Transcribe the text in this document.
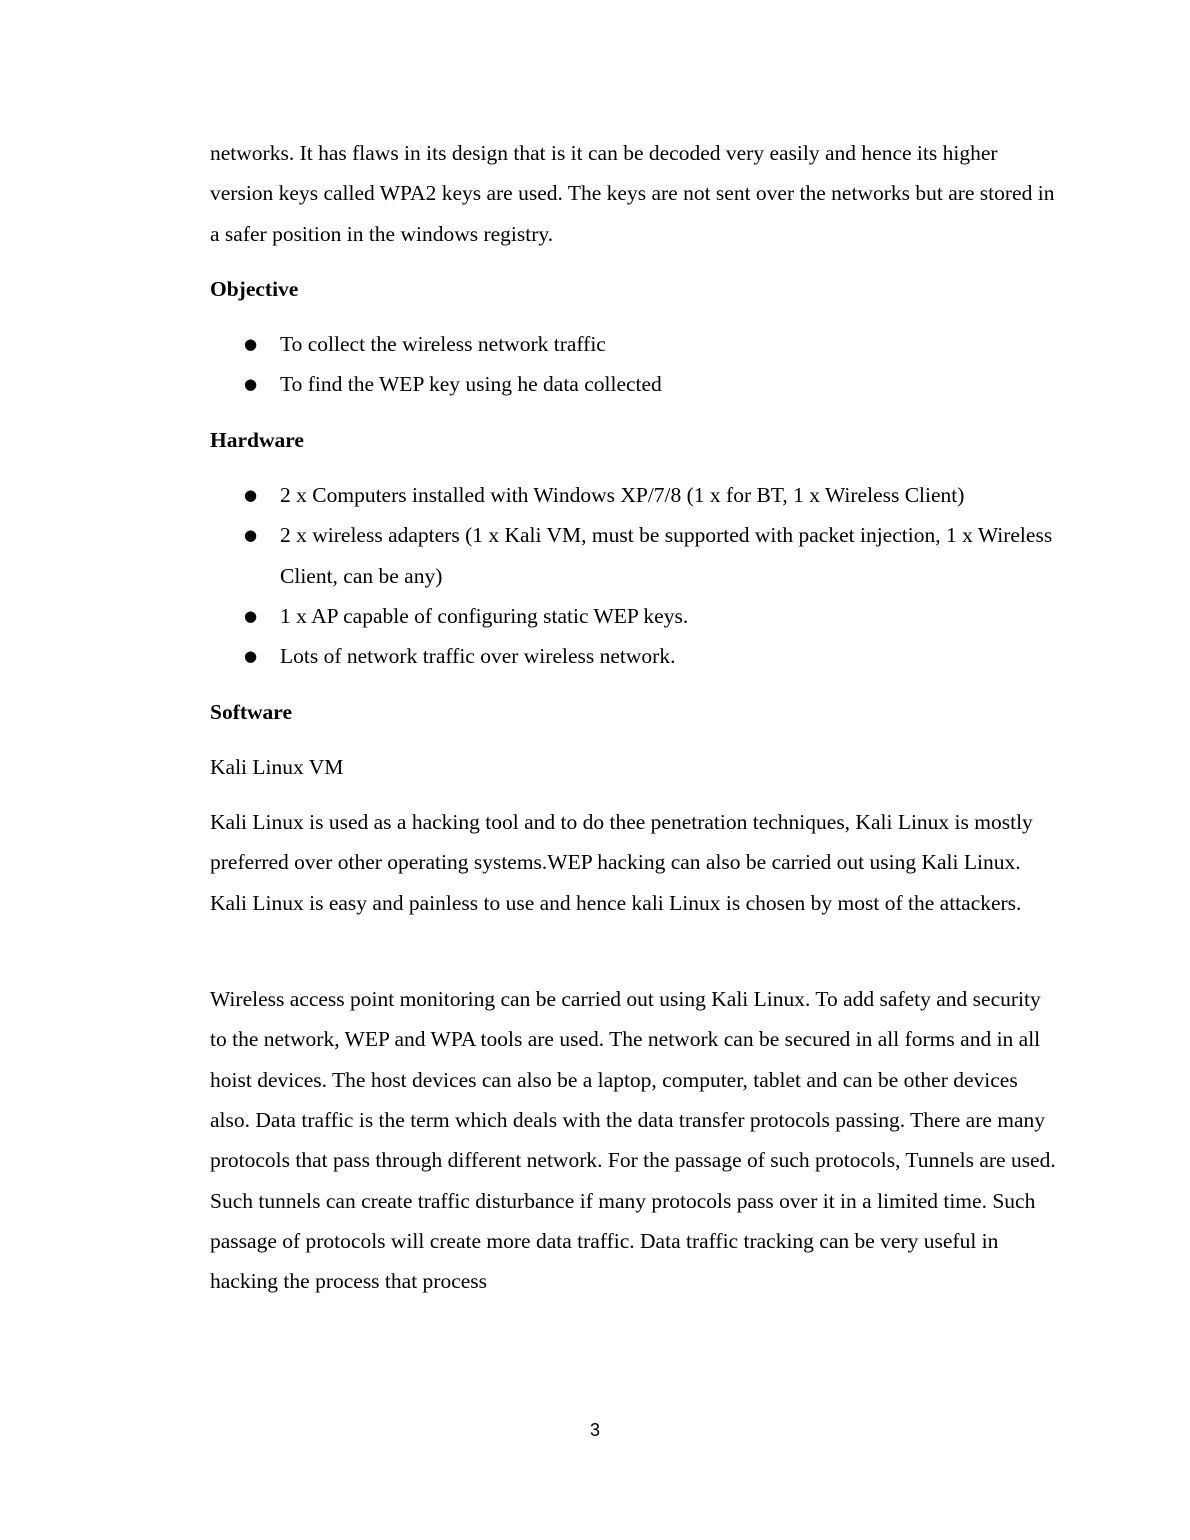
networks. It has flaws in its design that is it can be decoded very easily and hence its higher version keys called WPA2 keys are used. The keys are not sent over the networks but are stored in a safer position in the windows registry.

Objective

● To collect the wireless network traffic
● To find the WEP key using he data collected

Hardware

● 2 x Computers installed with Windows XP/7/8 (1 x for BT, 1 x Wireless Client)
● 2 x wireless adapters (1 x Kali VM, must be supported with packet injection, 1 x Wireless Client, can be any)
● 1 x AP capable of configuring static WEP keys.
● Lots of network traffic over wireless network.

Software

Kali Linux VM

Kali Linux is used as a hacking tool and to do thee penetration techniques, Kali Linux is mostly preferred over other operating systems.WEP hacking can also be carried out using Kali Linux. Kali Linux is easy and painless to use and hence kali Linux is chosen by most of the attackers.

Wireless access point monitoring can be carried out using Kali Linux. To add safety and security to the network, WEP and WPA tools are used. The network can be secured in all forms and in all hoist devices. The host devices can also be a laptop, computer, tablet and can be other devices also. Data traffic is the term which deals with the data transfer protocols passing. There are many protocols that pass through different network. For the passage of such protocols, Tunnels are used. Such tunnels can create traffic disturbance if many protocols pass over it in a limited time. Such passage of protocols will create more data traffic. Data traffic tracking can be very useful in hacking the process that process

3
